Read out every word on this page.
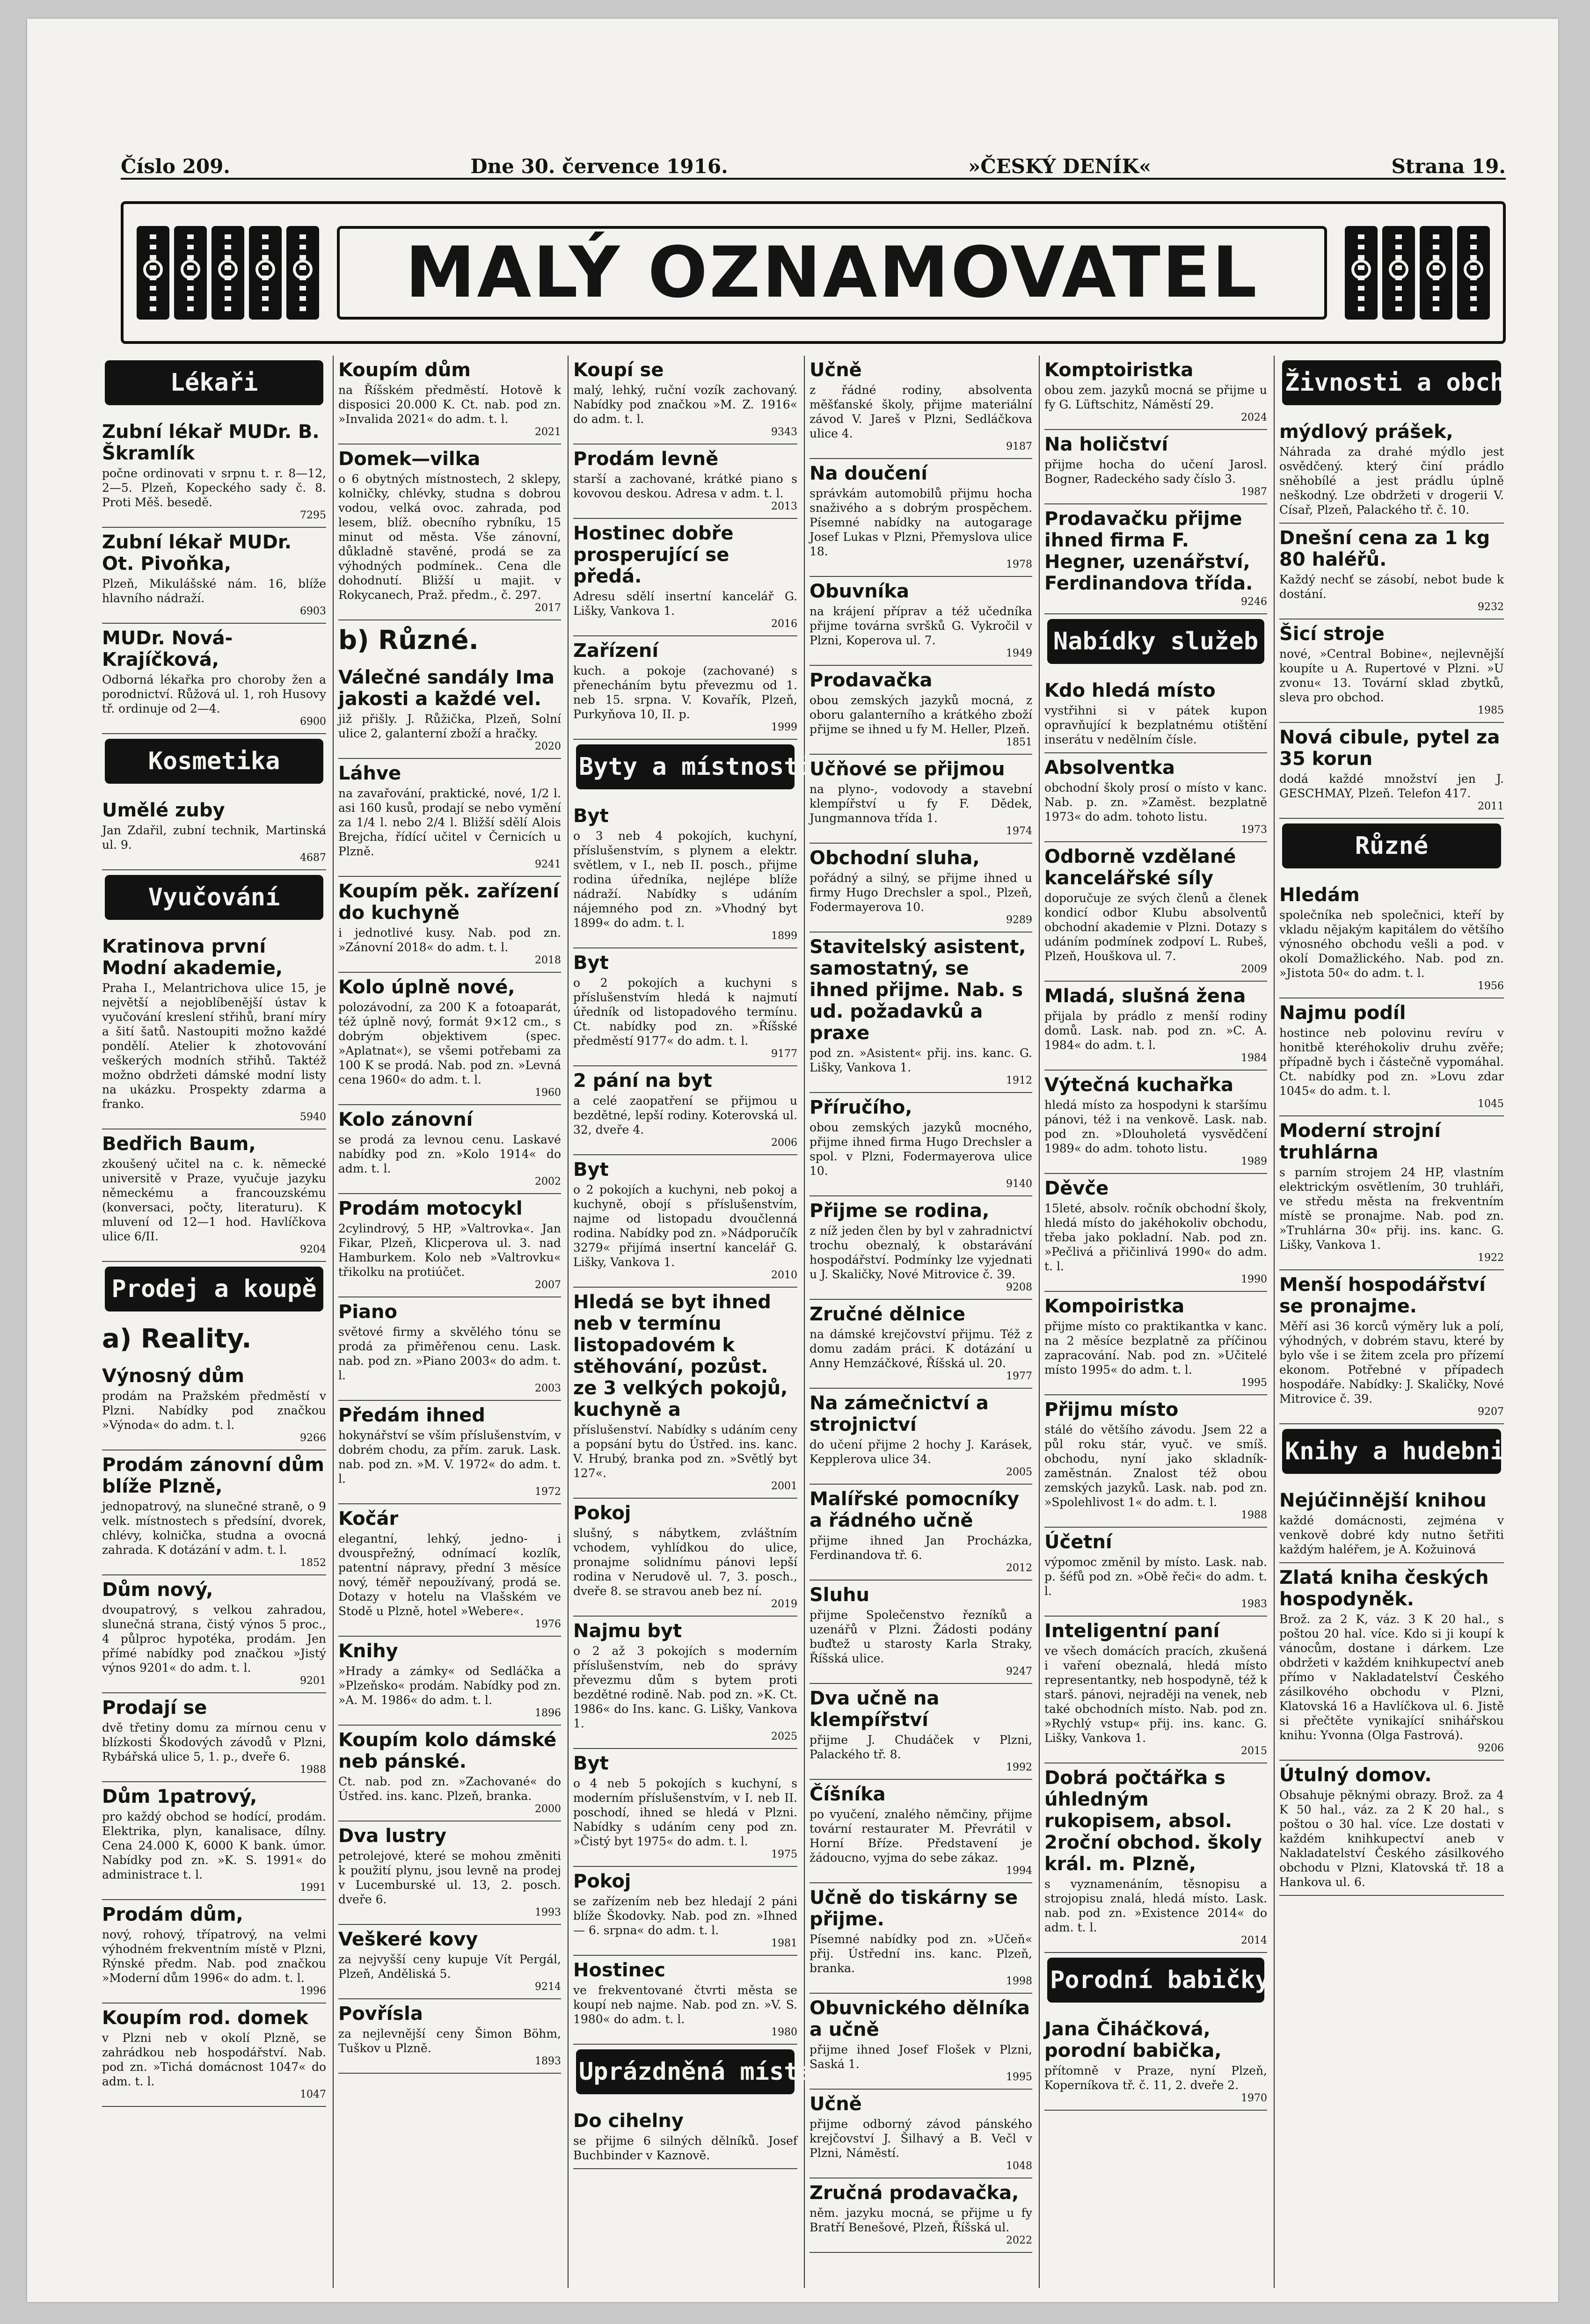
Číslo 209.	Dne 30. července 1916.	»ČESKÝ DENÍK«	Strana 19.
MALÝ OZNAMOVATEL
Lékaři
Zubní lékař MUDr. B. Škramlík

počne ordinovati v srpnu t. r. 8—12, 2—5. Plzeň, Kopeckého sady č. 8. Proti Měš. besedě.

7295
Zubní lékař MUDr. Ot. Pivoňka,

Plzeň, Mikulášské nám. 16, blíže hlavního nádraží.

6903
MUDr. Nová-Krajíčková,

Odborná lékařka pro choroby žen a porodnictví. Růžová ul. 1, roh Husovy tř. ordinuje od 2—4.

6900
Kosmetika
Umělé zuby

Jan Zdařil, zubní technik, Martinská ul. 9.

4687
Vyučování
Kratinova první Modní akademie,

Praha I., Melantrichova ulice 15, je největší a nejoblíbenější ústav k vyučování kreslení střihů, braní míry a šití šatů. Nastoupiti možno každé pondělí. Atelier k zhotovování veškerých modních střihů. Taktéž možno obdržeti dámské modní listy na ukázku. Prospekty zdarma a franko.

5940
Bedřich Baum,

zkoušený učitel na c. k. německé universitě v Praze, vyučuje jazyku německému a francouzskému (konversaci, počty, literaturu). K mluvení od 12—1 hod. Havlíčkova ulice 6/II.

9204
Prodej a koupě
a) Reality.
Výnosný dům

prodám na Pražském předměstí v Plzni. Nabídky pod značkou »Výnoda« do adm. t. l.

9266
Prodám zánovní dům blíže Plzně,

jednopatrový, na slunečné straně, o 9 velk. místnostech s předsíní, dvorek, chlévy, kolnička, studna a ovocná zahrada. K dotázání v adm. t. l.

1852
Dům nový,

dvoupatrový, s velkou zahradou, slunečná strana, čistý výnos 5 proc., 4 půlproc hypotéka, prodám. Jen přímé nabídky pod značkou »Jistý výnos 9201« do adm. t. l.

9201
Prodají se

dvě třetiny domu za mírnou cenu v blízkosti Škodových závodů v Plzni, Rybářská ulice 5, 1. p., dveře 6.

1988
Dům 1patrový,

pro každý obchod se hodící, prodám. Elektrika, plyn, kanalisace, dílny. Cena 24.000 K, 6000 K bank. úmor. Nabídky pod zn. »K. S. 1991« do administrace t. l.

1991
Prodám dům,

nový, rohový, třípatrový, na velmi výhodném frekventním místě v Plzni, Rýnské předm. Nab. pod značkou »Moderní dům 1996« do adm. t. l.

1996
Koupím rod. domek

v Plzni neb v okolí Plzně, se zahrádkou neb hospodářství. Nab. pod zn. »Tichá domácnost 1047« do adm. t. l.

1047
Koupím dům

na Říšském předměstí. Hotově k disposici 20.000 K. Ct. nab. pod zn. »Invalida 2021« do adm. t. l.

2021
Domek—vilka

o 6 obytných místnostech, 2 sklepy, kolničky, chlévky, studna s dobrou vodou, velká ovoc. zahrada, pod lesem, blíž. obecního rybníku, 15 minut od města. Vše zánovní, důkladně stavěné, prodá se za výhodných podmínek.. Cena dle dohodnutí. Bližší u majit. v Rokycanech, Praž. předm., č. 297.

2017
b) Různé.
Válečné sandály Ima jakosti a každé vel.

již přišly. J. Růžička, Plzeň, Solní ulice 2, galanterní zboží a hračky.

2020
Láhve

na zavařování, praktické, nové, 1/2 l. asi 160 kusů, prodají se nebo vymění za 1/4 l. nebo 2/4 l. Bližší sdělí Alois Brejcha, řídící učitel v Černicích u Plzně.

9241
Koupím pěk. zařízení do kuchyně

i jednotlivé kusy. Nab. pod zn. »Zánovní 2018« do adm. t. l.

2018
Kolo úplně nové,

polozávodní, za 200 K a fotoaparát, též úplně nový, formát 9×12 cm., s dobrým objektivem (spec. »Aplatnat«), se všemi potřebami za 100 K se prodá. Nab. pod zn. »Levná cena 1960« do adm. t. l.

1960
Kolo zánovní

se prodá za levnou cenu. Laskavé nabídky pod zn. »Kolo 1914« do adm. t. l.

2002
Prodám motocykl

2cylindrový, 5 HP, »Valtrovka«. Jan Fikar, Plzeň, Klicperova ul. 3. nad Hamburkem. Kolo neb »Valtrovku« třikolku na protiúčet.

2007
Piano

světové firmy a skvělého tónu se prodá za přiměřenou cenu. Lask. nab. pod zn. »Piano 2003« do adm. t. l.

2003
Předám ihned

hokynářství se vším příslušenstvím, v dobrém chodu, za přím. zaruk. Lask. nab. pod zn. »M. V. 1972« do adm. t. l.

1972
Kočár

elegantní, lehký, jedno- i dvouspřežný, odnímací kozlík, patentní nápravy, přední 3 měsíce nový, téměř nepoužívaný, prodá se. Dotazy v hotelu na Vlašském ve Stodě u Plzně, hotel »Webere«.

1976
Knihy

»Hrady a zámky« od Sedláčka a »Plzeňsko« prodám. Nabídky pod zn. »A. M. 1986« do adm. t. l.

1896
Koupím kolo dámské neb pánské.

Ct. nab. pod zn. »Zachované« do Ústřed. ins. kanc. Plzeň, branka.

2000
Dva lustry

petrolejové, které se mohou změniti k použití plynu, jsou levně na prodej v Lucemburské ul. 13, 2. posch. dveře 6.

1993
Veškeré kovy

za nejvyšší ceny kupuje Vít Pergál, Plzeň, Anděliská 5.

9214
Povřísla

za nejlevnější ceny Šimon Böhm, Tuškov u Plzně.

1893
Koupí se

malý, lehký, ruční vozík zachovaný. Nabídky pod značkou »M. Z. 1916« do adm. t. l.

9343
Prodám levně

starší a zachované, krátké piano s kovovou deskou. Adresa v adm. t. l.

2013
Hostinec dobře prosperující se předá.

Adresu sdělí insertní kancelář G. Lišky, Vankova 1.

2016
Zařízení

kuch. a pokoje (zachované) s přenecháním bytu převezmu od 1. neb 15. srpna. V. Kovařík, Plzeň, Purkyňova 10, II. p.

1999
Byty a místnosti
Byt

o 3 neb 4 pokojích, kuchyní, příslušenstvím, s plynem a elektr. světlem, v I., neb II. posch., přijme rodina úředníka, nejlépe blíže nádraží. Nabídky s udáním nájemného pod zn. »Vhodný byt 1899« do adm. t. l.

1899
Byt

o 2 pokojích a kuchyni s příslušenstvím hledá k najmutí úředník od listopadového termínu. Ct. nabídky pod zn. »Říšské předměstí 9177« do adm. t. l.

9177
2 pání na byt

a celé zaopatření se přijmou u bezdětné, lepší rodiny. Koterovská ul. 32, dveře 4.

2006
Byt

o 2 pokojích a kuchyni, neb pokoj a kuchyně, obojí s příslušenstvím, najme od listopadu dvoučlenná rodina. Nabídky pod zn. »Nádporučík 3279« přijímá insertní kancelář G. Lišky, Vankova 1.

2010
Hledá se byt ihned neb v termínu listopadovém k stěhování, pozůst. ze 3 velkých pokojů, kuchyně a

příslušenství. Nabídky s udáním ceny a popsání bytu do Ústřed. ins. kanc. V. Hrubý, branka pod zn. »Světlý byt 127«.

2001
Pokoj

slušný, s nábytkem, zvláštním vchodem, vyhlídkou do ulice, pronajme solidnímu pánovi lepší rodina v Nerudově ul. 7, 3. posch., dveře 8. se stravou aneb bez ní.

2019
Najmu byt

o 2 až 3 pokojích s moderním příslušenstvím, neb do správy převezmu dům s bytem proti bezdětné rodině. Nab. pod zn. »K. Ct. 1986« do Ins. kanc. G. Lišky, Vankova 1.

2025
Byt

o 4 neb 5 pokojích s kuchyní, s moderním příslušenstvím, v I. neb II. poschodí, ihned se hledá v Plzni. Nabídky s udáním ceny pod zn. »Čistý byt 1975« do adm. t. l.

1975
Pokoj

se zařízením neb bez hledají 2 páni blíže Škodovky. Nab. pod zn. »Ihned — 6. srpna« do adm. t. l.

1981
Hostinec

ve frekventované čtvrti města se koupí neb najme. Nab. pod zn. »V. S. 1980« do adm. t. l.

1980
Uprázdněná místa
Do cihelny

se přijme 6 silných dělníků. Josef Buchbinder v Kaznově.

Učně

z řádné rodiny, absolventa měšťanské školy, přijme materiální závod V. Jareš v Plzni, Sedláčkova ulice 4.

9187
Na doučení

správkám automobilů přijmu hocha snaživého a s dobrým prospěchem. Písemné nabídky na autogarage Josef Lukas v Plzni, Přemyslova ulice 18.

1978
Obuvníka

na krájení příprav a též učedníka přijme továrna svršků G. Vykročil v Plzni, Koperova ul. 7.

1949
Prodavačka

obou zemských jazyků mocná, z oboru galanterního a krátkého zboží přijme se ihned u fy M. Heller, Plzeň.

1851
Učňové se přijmou

na plyno-, vodovody a stavební klempířství u fy F. Dědek, Jungmannova třída 1.

1974
Obchodní sluha,

pořádný a silný, se přijme ihned u firmy Hugo Drechsler a spol., Plzeň, Fodermayerova 10.

9289
Stavitelský asistent, samostatný, se ihned přijme. Nab. s ud. požadavků a praxe

pod zn. »Asistent« přij. ins. kanc. G. Lišky, Vankova 1.

1912
Příručího,

obou zemských jazyků mocného, přijme ihned firma Hugo Drechsler a spol. v Plzni, Fodermayerova ulice 10.

9140
Přijme se rodina,

z níž jeden člen by byl v zahradnictví trochu obeznalý, k obstarávání hospodářství. Podmínky lze vyjednati u J. Skaličky, Nové Mitrovice č. 39.

9208
Zručné dělnice

na dámské krejčovství přijmu. Též z domu zadám práci. K dotázání u Anny Hemzáčkové, Říšská ul. 20.

1977
Na zámečnictví a strojnictví

do učení přijme 2 hochy J. Karásek, Kepplerova ulice 34.

2005
Malířské pomocníky a řádného učně

přijme ihned Jan Procházka, Ferdinandova tř. 6.

2012
Sluhu

přijme Společenstvo řezníků a uzenářů v Plzni. Žádosti podány buďtež u starosty Karla Straky, Říšská ulice.

9247
Dva učně na klempířství

přijme J. Chudáček v Plzni, Palackého tř. 8.

1992
Číšníka

po vyučení, znalého němčiny, přijme tovární restaurater M. Převrátil v Horní Bříze. Představení je žádoucno, vyjma do sebe zákaz.

1994
Učně do tiskárny se přijme.

Písemné nabídky pod zn. »Učeň« přij. Ústřední ins. kanc. Plzeň, branka.

1998
Obuvnického dělníka a učně

přijme ihned Josef Flošek v Plzni, Saská 1.

1995
Učně

přijme odborný závod pánského krejčovství J. Šilhavý a B. Večl v Plzni, Náměstí.

1048
Zručná prodavačka,

něm. jazyku mocná, se přijme u fy Bratří Benešové, Plzeň, Říšská ul.

2022
Komptoiristka

obou zem. jazyků mocná se přijme u fy G. Lüftschitz, Náměstí 29.

2024
Na holičství

přijme hocha do učení Jarosl. Bogner, Radeckého sady číslo 3.

1987
Prodavačku přijme ihned firma F. Hegner, uzenářství, Ferdinandova třída.
9246
Nabídky služeb
Kdo hledá místo

vystřihni si v pátek kupon opravňující k bezplatnému otištění inserátu v nedělním čísle.

Absolventka

obchodní školy prosí o místo v kanc. Nab. p. zn. »Zaměst. bezplatně 1973« do adm. tohoto listu.

1973
Odborně vzdělané kancelářské síly

doporučuje ze svých členů a členek kondicí odbor Klubu absolventů obchodní akademie v Plzni. Dotazy s udáním podmínek zodpoví L. Rubeš, Plzeň, Houškova ul. 7.

2009
Mladá, slušná žena

přijala by prádlo z menší rodiny domů. Lask. nab. pod zn. »C. A. 1984« do adm. t. l.

1984
Výtečná kuchařka

hledá místo za hospodyni k staršímu pánovi, též i na venkově. Lask. nab. pod zn. »Dlouholetá vysvědčení 1989« do adm. tohoto listu.

1989
Děvče

15leté, absolv. ročník obchodní školy, hledá místo do jakéhokoliv obchodu, třeba jako pokladní. Nab. pod zn. »Pečlivá a přičinlivá 1990« do adm. t. l.

1990
Kompoiristka

přijme místo co praktikantka v kanc. na 2 měsíce bezplatně za příčinou zapracování. Nab. pod zn. »Učitelé místo 1995« do adm. t. l.

1995
Přijmu místo

stálé do většího závodu. Jsem 22 a půl roku stár, vyuč. ve smíš. obchodu, nyní jako skladník-zaměstnán. Znalost též obou zemských jazyků. Lask. nab. pod zn. »Spolehlivost 1« do adm. t. l.

1988
Účetní

výpomoc změnil by místo. Lask. nab. p. šéfů pod zn. »Obě řeči« do adm. t. l.

1983
Inteligentní paní

ve všech domácích pracích, zkušená i vaření obeznalá, hledá místo representantky, neb hospodyně, též k starš. pánovi, nejraději na venek, neb také obchodních místo. Nab. pod zn. »Rychlý vstup« přij. ins. kanc. G. Lišky, Vankova 1.

2015
Dobrá počtářka s úhledným rukopisem, absol. 2roční obchod. školy král. m. Plzně,

s vyznamenáním, těsnopisu a strojopisu znalá, hledá místo. Lask. nab. pod zn. »Existence 2014« do adm. t. l.

2014
Porodní babičky
Jana Čiháčková, porodní babička,

přítomně v Praze, nyní Plzeň, Koperníkova tř. č. 11, 2. dveře 2.

1970
Živnosti a obchody
mýdlový prášek,

Náhrada za drahé mýdlo jest osvědčený. který činí prádlo sněhobílé a jest prádlu úplně neškodný. Lze obdržeti v drogerii V. Císař, Plzeň, Palackého tř. č. 10.

Dnešní cena za 1 kg 80 haléřů.

Každý nechť se zásobí, nebot bude k dostání.

9232
Šicí stroje

nové, »Central Bobine«, nejlevnější koupíte u A. Rupertové v Plzni. »U zvonu« 13. Tovární sklad zbytků, sleva pro obchod.

1985
Nová cibule, pytel za 35 korun

dodá každé množství jen J. GESCHMAY, Plzeň. Telefon 417.

2011
Různé
Hledám

společníka neb společnici, kteří by vkladu nějakým kapitálem do většího výnosného obchodu vešli a pod. v okolí Domažlického. Nab. pod zn. »Jistota 50« do adm. t. l.

1956
Najmu podíl

hostince neb polovinu revíru v honitbě kteréhokoliv druhu zvěře; případně bych i částečně vypomáhal. Ct. nabídky pod zn. »Lovu zdar 1045« do adm. t. l.

1045
Moderní strojní truhlárna

s parním strojem 24 HP, vlastním elektrickým osvětlením, 30 truhláři, ve středu města na frekventním místě se pronajme. Nab. pod zn. »Truhlárna 30« přij. ins. kanc. G. Lišky, Vankova 1.

1922
Menší hospodářství se pronajme.

Měří asi 36 korců výměry luk a polí, výhodných, v dobrém stavu, které by bylo vše i se žitem zcela pro přízemí ekonom. Potřebné v případech hospodáře. Nabídky: J. Skaličky, Nové Mitrovice č. 39.

9207
Knihy a hudebniny
Nejúčinnější knihou

každé domácnosti, zejména v venkově dobré kdy nutno šetřiti každým haléřem, je A. Kožuinová

Zlatá kniha českých hospodyněk.

Brož. za 2 K, váz. 3 K 20 hal., s poštou 20 hal. více. Kdo si ji koupí k vánocům, dostane i dárkem. Lze obdržeti v každém knihkupectví aneb přímo v Nakladatelství Českého zásilkového obchodu v Plzni, Klatovská 16 a Havlíčkova ul. 6. Jistě si přečtěte vynikající snihářskou knihu: Yvonna (Olga Fastrová).

9206
Útulný domov.

Obsahuje pěknými obrazy. Brož. za 4 K 50 hal., váz. za 2 K 20 hal., s poštou o 30 hal. více. Lze dostati v každém knihkupectví aneb v Nakladatelství Českého zásilkového obchodu v Plzni, Klatovská tř. 18 a Hankova ul. 6.
